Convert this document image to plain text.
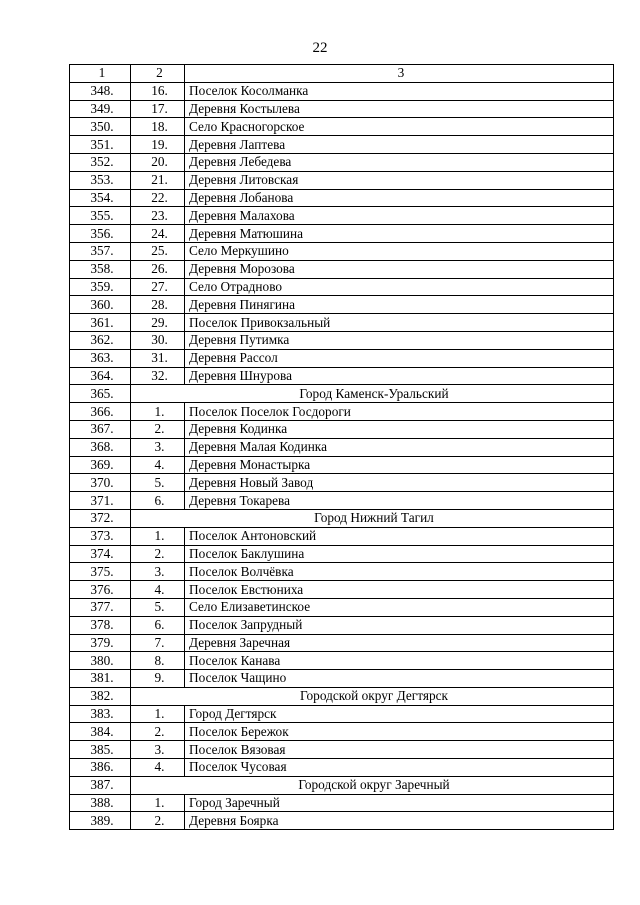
22
1	2	3
348.	16.	Поселок Косолманка
349.	17.	Деревня Костылева
350.	18.	Село Красногорское
351.	19.	Деревня Лаптева
352.	20.	Деревня Лебедева
353.	21.	Деревня Литовская
354.	22.	Деревня Лобанова
355.	23.	Деревня Малахова
356.	24.	Деревня Матюшина
357.	25.	Село Меркушино
358.	26.	Деревня Морозова
359.	27.	Село Отрадново
360.	28.	Деревня Пинягина
361.	29.	Поселок Привокзальный
362.	30.	Деревня Путимка
363.	31.	Деревня Рассол
364.	32.	Деревня Шнурова
365.	Город Каменск-Уральский	
366.	1.	Поселок Поселок Госдороги
367.	2.	Деревня Кодинка
368.	3.	Деревня Малая Кодинка
369.	4.	Деревня Монастырка
370.	5.	Деревня Новый Завод
371.	6.	Деревня Токарева
372.	Город Нижний Тагил	
373.	1.	Поселок Антоновский
374.	2.	Поселок Баклушина
375.	3.	Поселок Волчёвка
376.	4.	Поселок Евстюниха
377.	5.	Село Елизаветинское
378.	6.	Поселок Запрудный
379.	7.	Деревня Заречная
380.	8.	Поселок Канава
381.	9.	Поселок Чащино
382.	Городской округ Дегтярск	
383.	1.	Город Дегтярск
384.	2.	Поселок Бережок
385.	3.	Поселок Вязовая
386.	4.	Поселок Чусовая
387.	Городской округ Заречный	
388.	1.	Город Заречный
389.	2.	Деревня Боярка
